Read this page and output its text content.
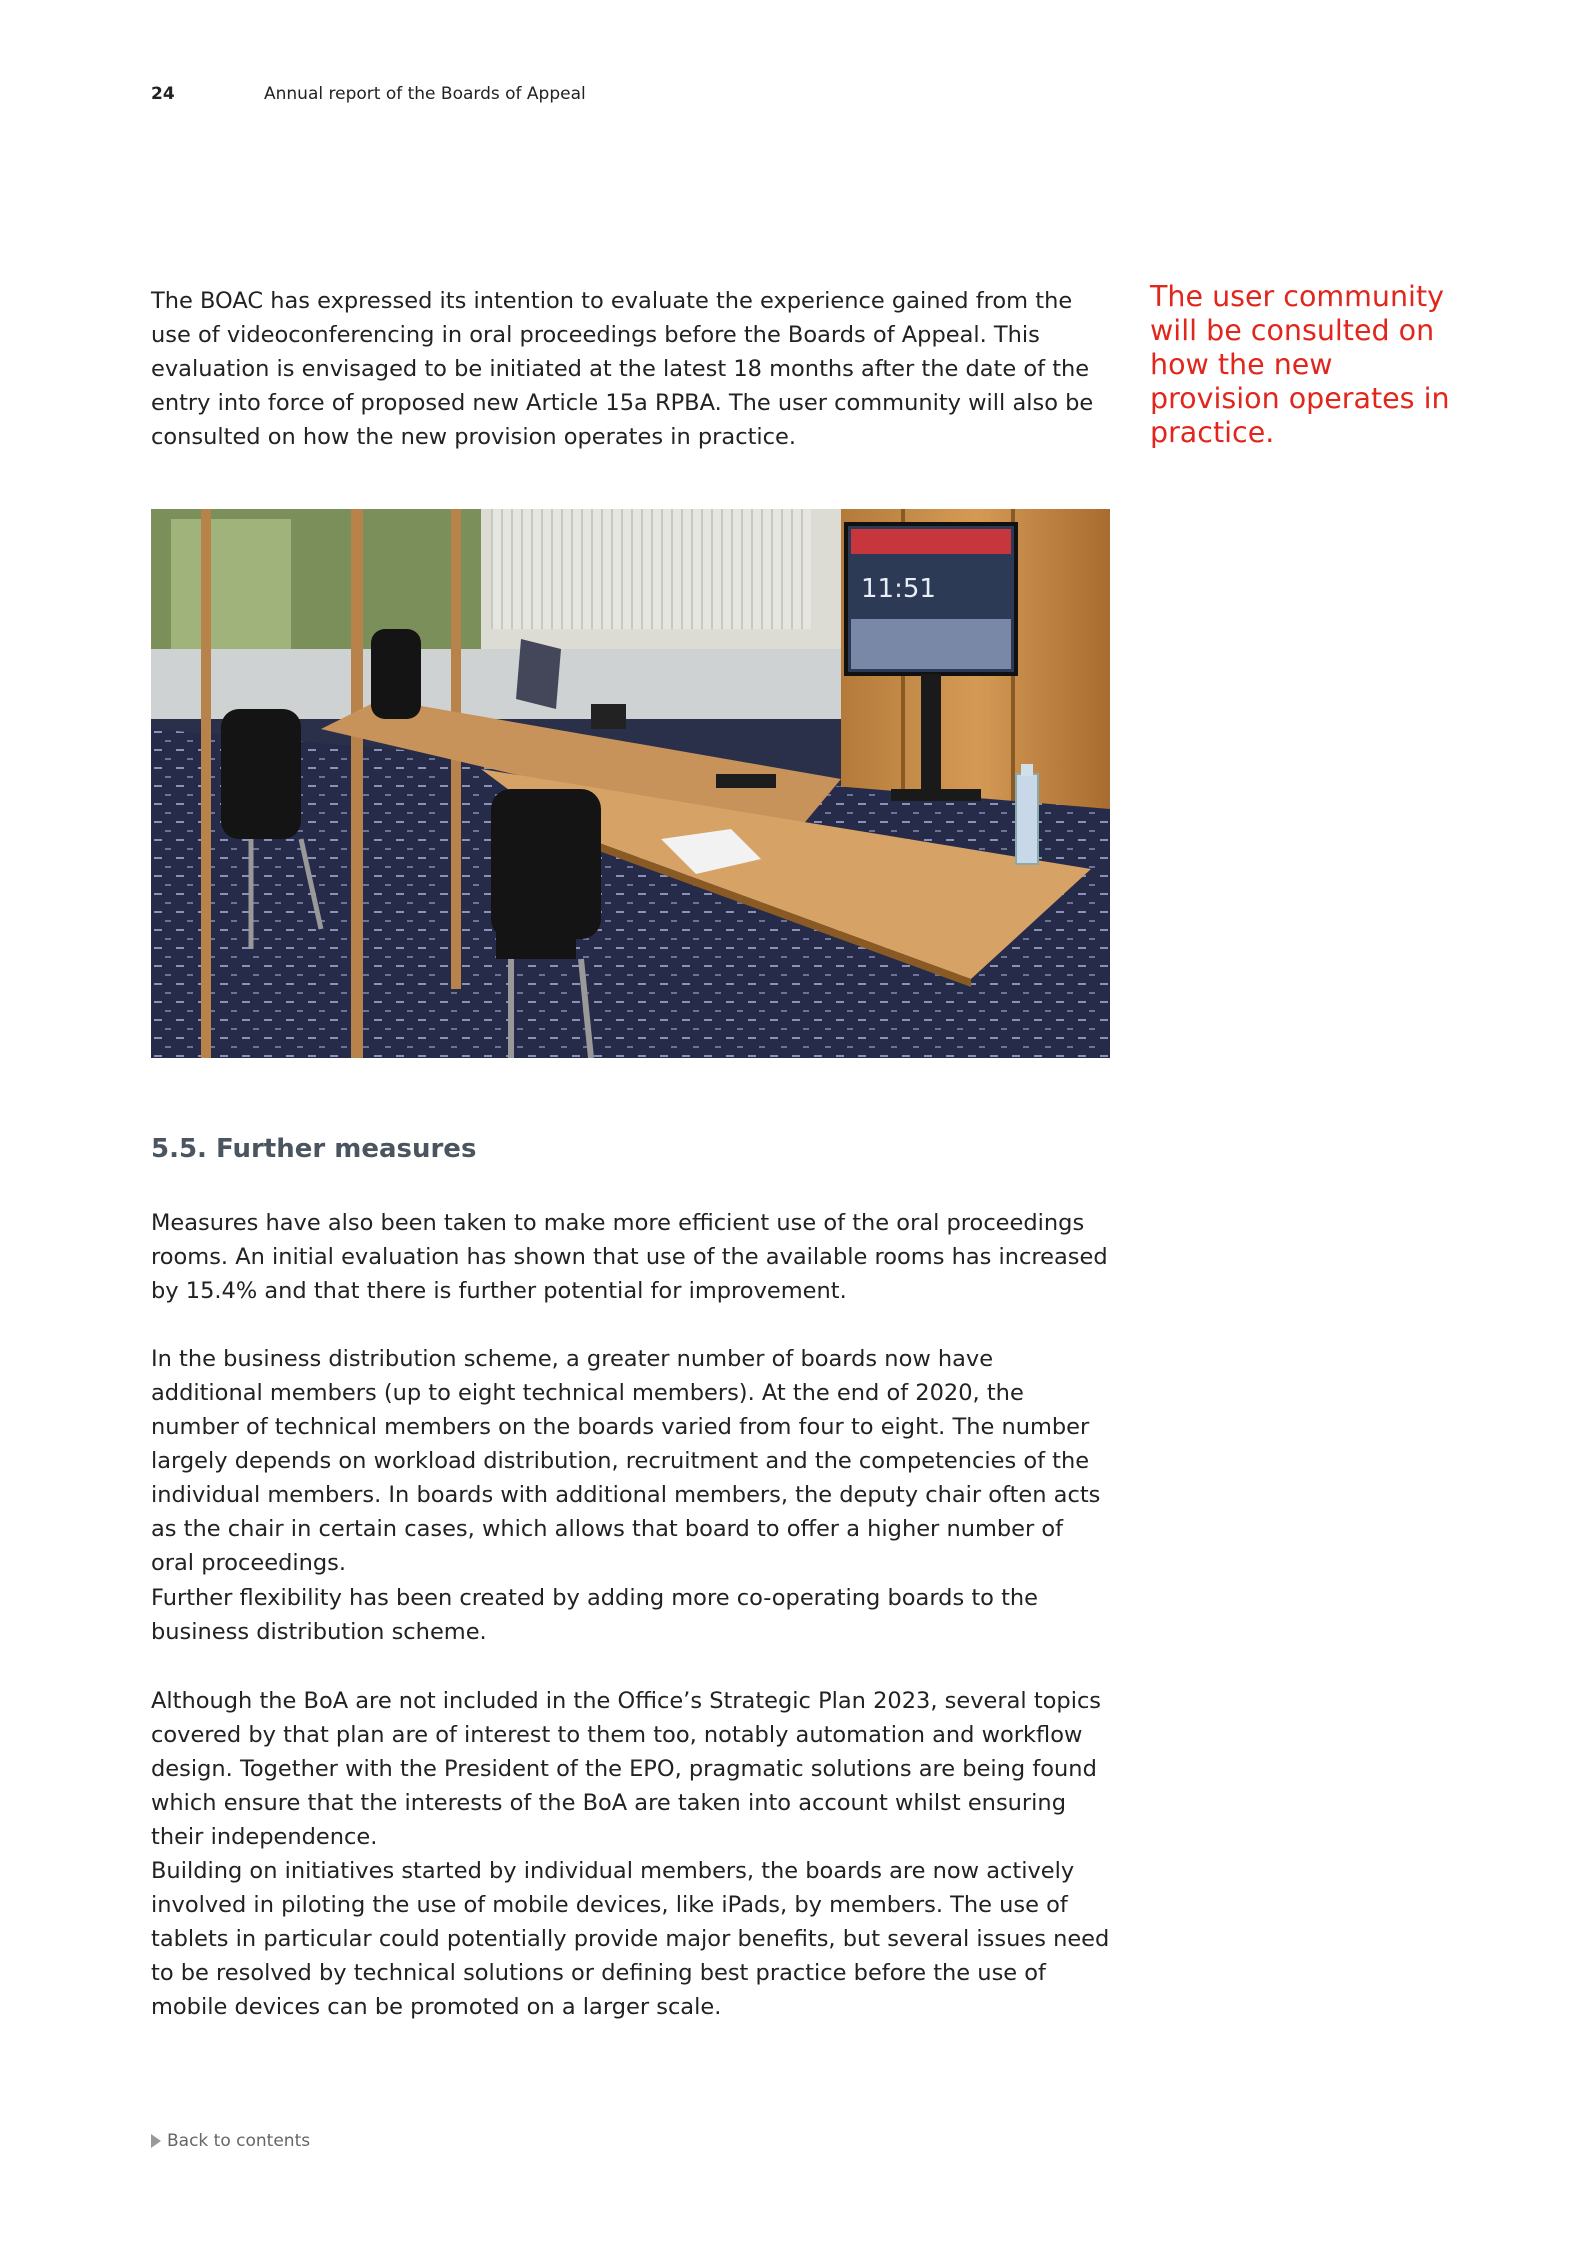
24	Annual report of the Boards of Appeal

The BOAC has expressed its intention to evaluate the experience gained from the use of videoconferencing in oral proceedings before the Boards of Appeal. This evaluation is envisaged to be initiated at the latest 18 months after the date of the entry into force of proposed new Article 15a RPBA. The user community will also be consulted on how the new provision operates in practice.

The user community will be consulted on how the new provision operates in practice.

11:51
5.5. Further measures

Measures have also been taken to make more efficient use of the oral proceedings rooms. An initial evaluation has shown that use of the available rooms has increased by 15.4% and that there is further potential for improvement.

In the business distribution scheme, a greater number of boards now have additional members (up to eight technical members). At the end of 2020, the number of technical members on the boards varied from four to eight. The number largely depends on workload distribution, recruitment and the competencies of the individual members. In boards with additional members, the deputy chair often acts as the chair in certain cases, which allows that board to offer a higher number of oral proceedings.

Further flexibility has been created by adding more co-operating boards to the business distribution scheme.

Although the BoA are not included in the Office’s Strategic Plan 2023, several topics covered by that plan are of interest to them too, notably automation and workflow design. Together with the President of the EPO, pragmatic solutions are being found which ensure that the interests of the BoA are taken into account whilst ensuring their independence.

Building on initiatives started by individual members, the boards are now actively involved in piloting the use of mobile devices, like iPads, by members. The use of tablets in particular could potentially provide major benefits, but several issues need to be resolved by technical solutions or defining best practice before the use of mobile devices can be promoted on a larger scale.

Back to contents
